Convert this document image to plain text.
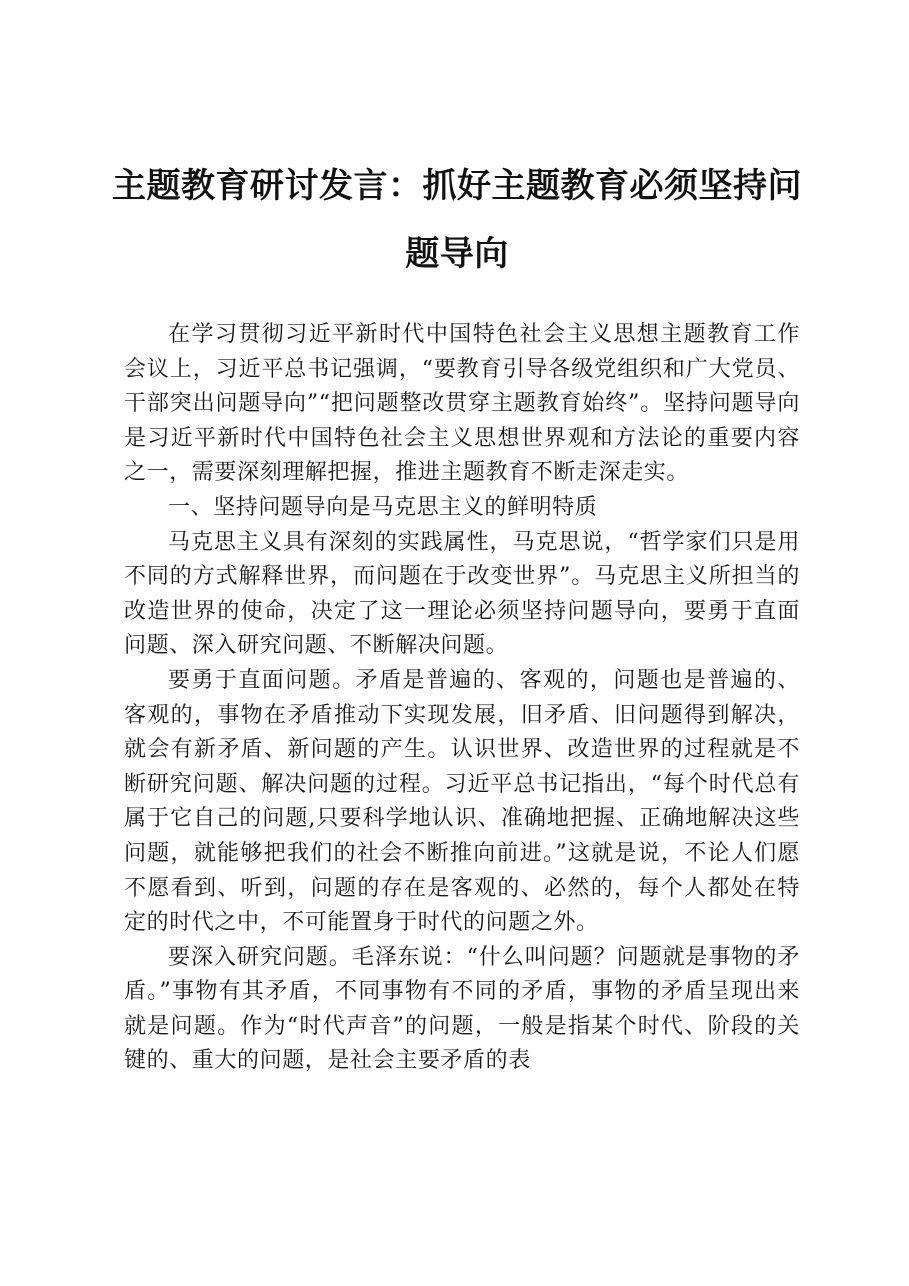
主题教育研讨发言：抓好主题教育必须坚持问题导向

在学习贯彻习近平新时代中国特色社会主义思想主题教育工作会议上，习近平总书记强调，“要教育引导各级党组织和广大党员、干部突出问题导向”“把问题整改贯穿主题教育始终”。坚持问题导向是习近平新时代中国特色社会主义思想世界观和方法论的重要内容之一，需要深刻理解把握，推进主题教育不断走深走实。

一、坚持问题导向是马克思主义的鲜明特质

马克思主义具有深刻的实践属性，马克思说，“哲学家们只是用不同的方式解释世界，而问题在于改变世界”。马克思主义所担当的改造世界的使命，决定了这一理论必须坚持问题导向，要勇于直面问题、深入研究问题、不断解决问题。

要勇于直面问题。矛盾是普遍的、客观的，问题也是普遍的、客观的，事物在矛盾推动下实现发展，旧矛盾、旧问题得到解决，就会有新矛盾、新问题的产生。认识世界、改造世界的过程就是不断研究问题、解决问题的过程。习近平总书记指出，“每个时代总有属于它自己的问题,只要科学地认识、准确地把握、正确地解决这些问题，就能够把我们的社会不断推向前进。”这就是说，不论人们愿不愿看到、听到，问题的存在是客观的、必然的，每个人都处在特定的时代之中，不可能置身于时代的问题之外。

要深入研究问题。毛泽东说：“什么叫问题？问题就是事物的矛盾。”事物有其矛盾，不同事物有不同的矛盾，事物的矛盾呈现出来就是问题。作为“时代声音”的问题，一般是指某个时代、阶段的关键的、重大的问题，是社会主要矛盾的表
